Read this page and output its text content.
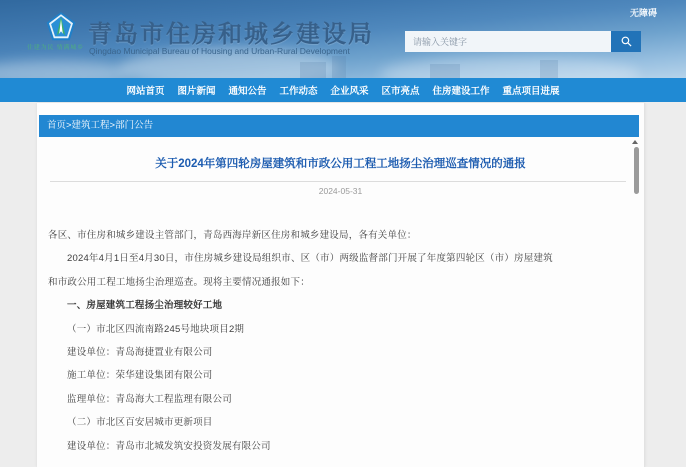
住建为民 情满城乡 青岛市住房和城乡建设局
Qingdao Municipal Bureau of Housing and Urban-Rural Development
无障碍
请输入关键字
网站首页 图片新闻 通知公告 工作动态 企业风采 区市亮点 住房建设工作 重点项目进展
首页>建筑工程>部门公告
关于2024年第四轮房屋建筑和市政公用工程工地扬尘治理巡查情况的通报
2024-05-31

各区、市住房和城乡建设主管部门，青岛西海岸新区住房和城乡建设局，各有关单位：

2024年4月1日至4月30日，市住房城乡建设局组织市、区（市）两级监督部门开展了年度第四轮区（市）房屋建筑和市政公用工程工地扬尘治理巡查。现将主要情况通报如下：

一、房屋建筑工程扬尘治理较好工地

（一）市北区四流南路245号地块项目2期

建设单位：青岛海捷置业有限公司

施工单位：荣华建设集团有限公司

监理单位：青岛海大工程监理有限公司

（二）市北区百安居城市更新项目

建设单位：青岛市北城发筑安投资发展有限公司
